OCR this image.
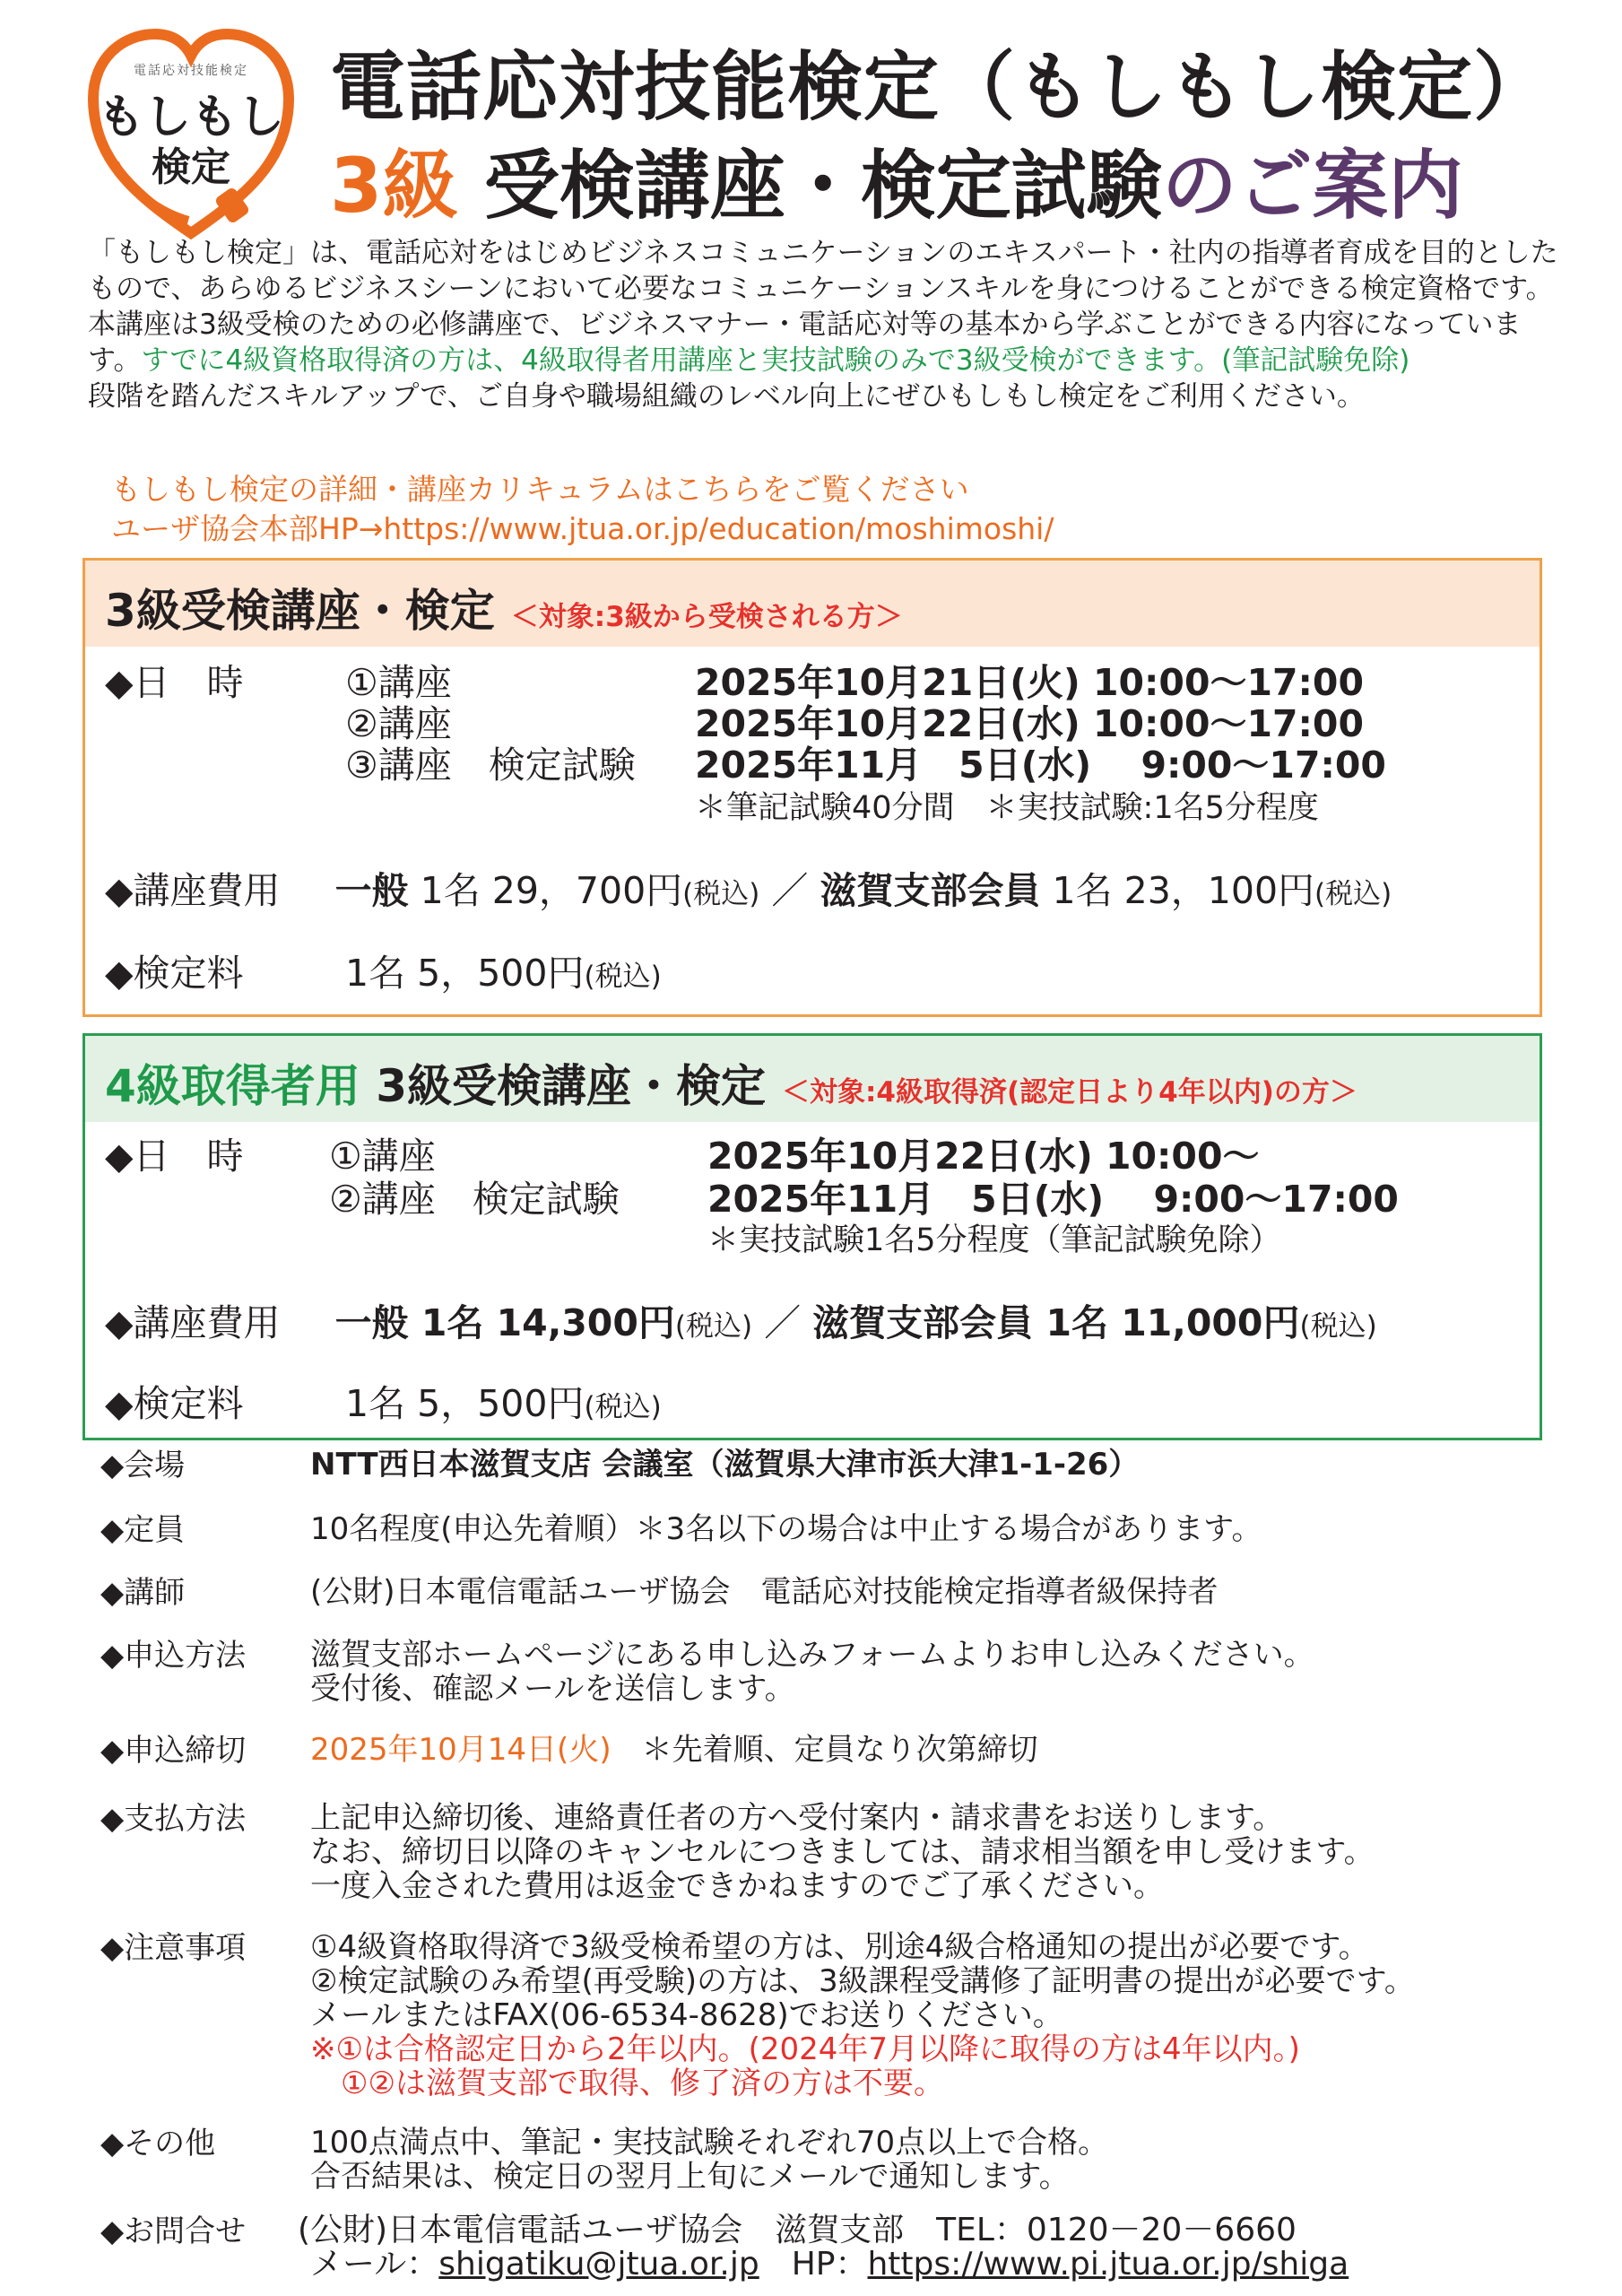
電話応対技能検定
もしもし
検定
電話応対技能検定（もしもし検定）
3級 受検講座・検定試験のご案内
「もしもし検定」は、電話応対をはじめビジネスコミュニケーションのエキスパート・社内の指導者育成を目的としたもので、あらゆるビジネスシーンにおいて必要なコミュニケーションスキルを身につけることができる検定資格です。本講座は3級受検のための必修講座で、ビジネスマナー・電話応対等の基本から学ぶことができる内容になっています。すでに4級資格取得済の方は、4級取得者用講座と実技試験のみで3級受検ができます。(筆記試験免除)
段階を踏んだスキルアップで、ご自身や職場組織のレベル向上にぜひもしもし検定をご利用ください。
もしもし検定の詳細・講座カリキュラムはこちらをご覧ください
ユーザ協会本部HP→https://www.jtua.or.jp/education/moshimoshi/
3級受検講座・検定 ＜対象:3級から受検される方＞
◆日　時	①講座	2025年10月21日(火) 10:00～17:00
②講座	2025年10月22日(水) 10:00～17:00
③講座　検定試験 2025年11月　5日(水)　 9:00～17:00
＊筆記試験40分間　＊実技試験:1名5分程度
◆講座費用 一般 1名 29，700円(税込) ／ 滋賀支部会員 1名 23，100円(税込)
◆検定料	1名 5，500円(税込)
4級取得者用 3級受検講座・検定 ＜対象:4級取得済(認定日より4年以内)の方＞
◆日　時 ①講座	2025年10月22日(水) 10:00～
②講座　検定試験 2025年11月　5日(水)　 9:00～17:00
＊実技試験1名5分程度（筆記試験免除）
◆講座費用 一般 1名 14,300円(税込) ／ 滋賀支部会員 1名 11,000円(税込)
◆検定料	1名 5，500円(税込)
◆会場	NTT西日本滋賀支店 会議室（滋賀県大津市浜大津1-1-26）
◆定員	10名程度(申込先着順）＊3名以下の場合は中止する場合があります。
◆講師	(公財)日本電信電話ユーザ協会　電話応対技能検定指導者級保持者
◆申込方法 滋賀支部ホームページにある申し込みフォームよりお申し込みください。
受付後、確認メールを送信します。
◆申込締切 2025年10月14日(火)　＊先着順、定員なり次第締切
◆支払方法 上記申込締切後、連絡責任者の方へ受付案内・請求書をお送りします。
なお、締切日以降のキャンセルにつきましては、請求相当額を申し受けます。
一度入金された費用は返金できかねますのでご了承ください。
◆注意事項 ①4級資格取得済で3級受検希望の方は、別途4級合格通知の提出が必要です。
②検定試験のみ希望(再受験)の方は、3級課程受講修了証明書の提出が必要です。
メールまたはFAX(06-6534-8628)でお送りください。
※①は合格認定日から2年以内。(2024年7月以降に取得の方は4年以内。)
　①②は滋賀支部で取得、修了済の方は不要。
◆その他	100点満点中、筆記・実技試験それぞれ70点以上で合格。
合否結果は、検定日の翌月上旬にメールで通知します。
◆お問合せ (公財)日本電信電話ユーザ協会　滋賀支部　TEL：0120－20－6660
メール：shigatiku@jtua.or.jp　HP：https://www.pi.jtua.or.jp/shiga
